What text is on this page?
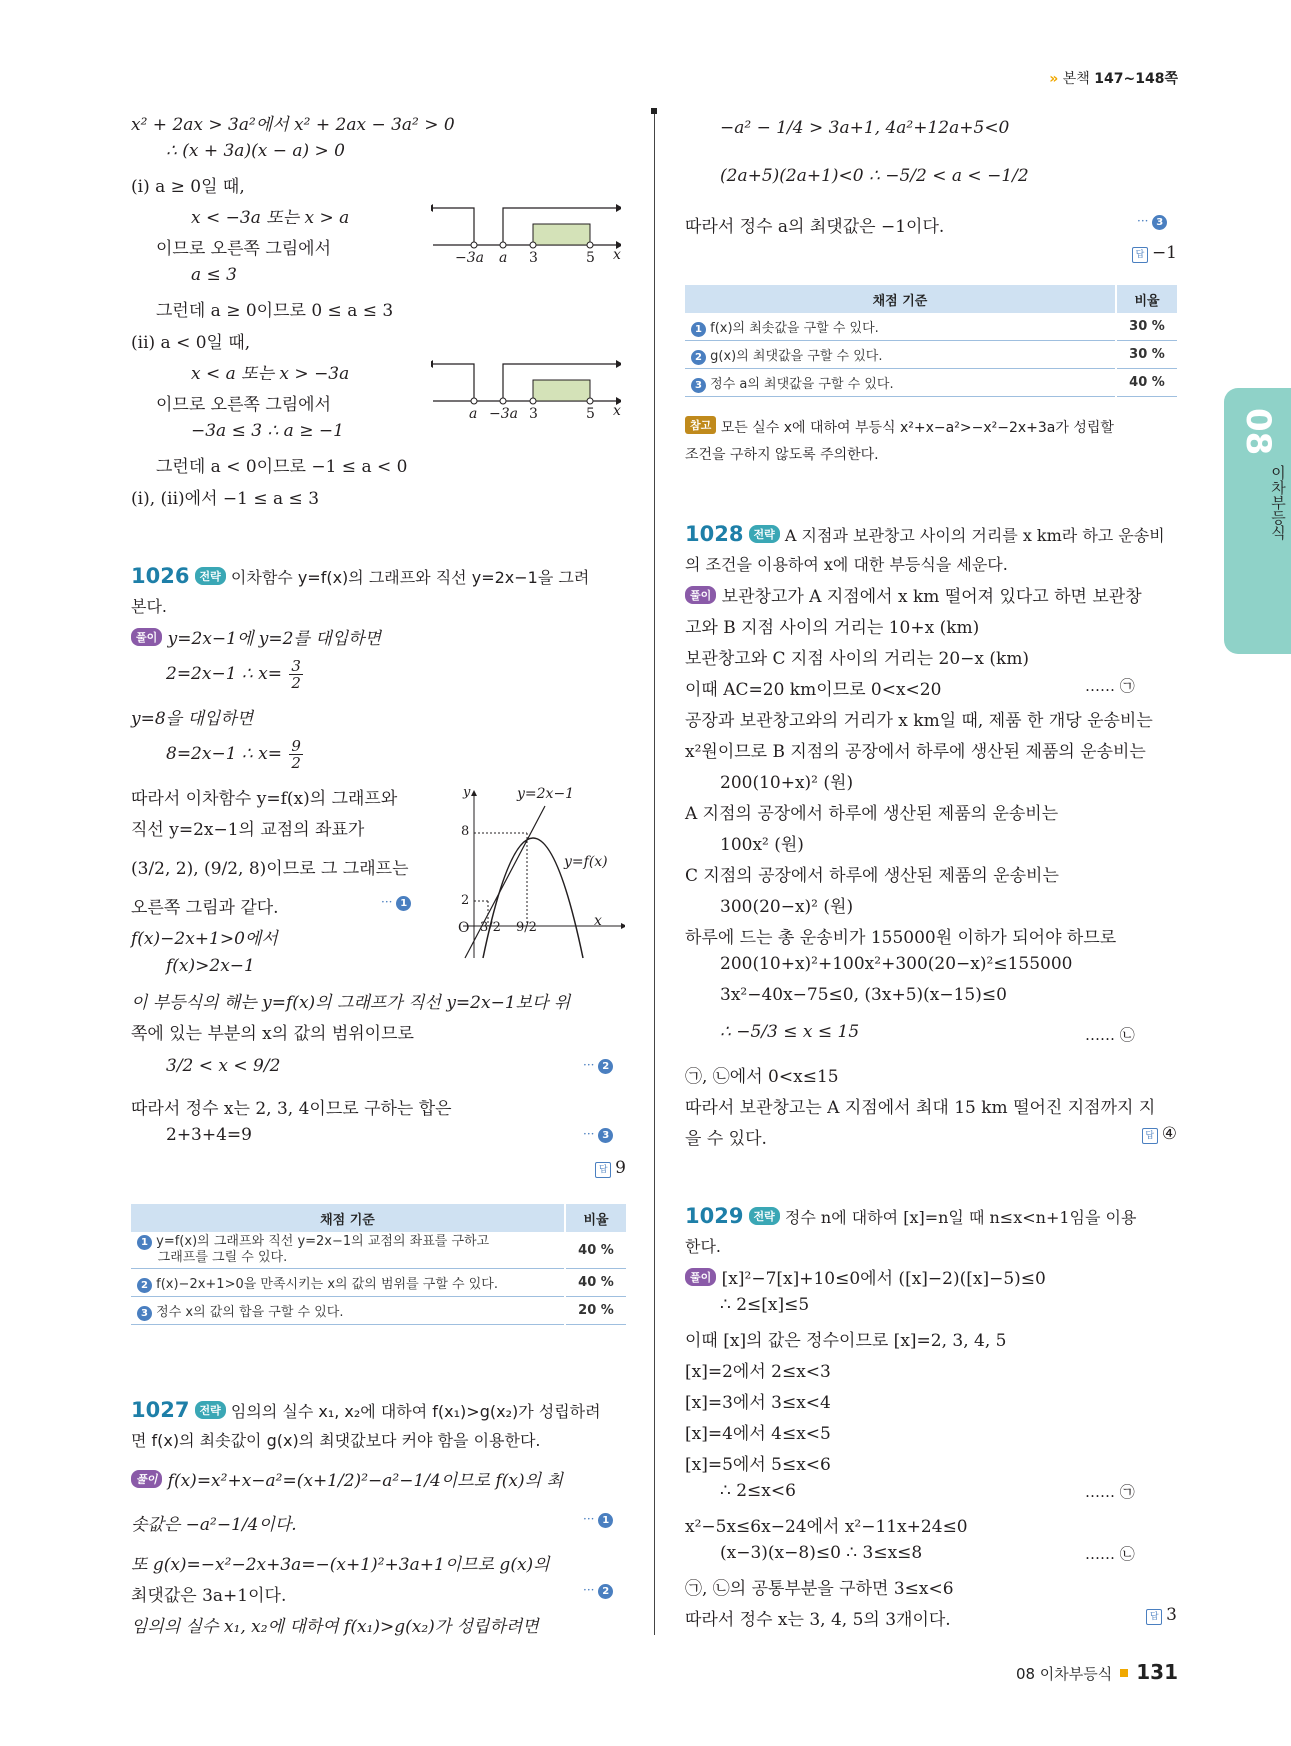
» 본책 147~148쪽
08
이차부등식
x² + 2ax > 3a²에서 x² + 2ax − 3a² > 0
∴ (x + 3a)(x − a) > 0
(i) a ≥ 0일 때,
x < −3a 또는 x > a
이므로 오른쪽 그림에서
a ≤ 3
그런데 a ≥ 0이므로 0 ≤ a ≤ 3
(ii) a < 0일 때,
x < a 또는 x > −3a
이므로 오른쪽 그림에서
−3a ≤ 3 ∴ a ≥ −1
그런데 a < 0이므로 −1 ≤ a < 0
(i), (ii)에서 −1 ≤ a ≤ 3
−3a a 3	5 x
a −3a 3	5 x
1026 전략 이차함수 y=f(x)의 그래프와 직선 y=2x−1을 그려
본다.
풀이 y=2x−1에 y=2를 대입하면
2=2x−1 ∴ $x= \frac{3}{2}$
y=8을 대입하면
8=2x−1 ∴ $x= \frac{9}{2}$
따라서 이차함수 y=f(x)의 그래프와
직선 y=2x−1의 교점의 좌표가
(3/2, 2), (9/2, 8)이므로 그 그래프는
오른쪽 그림과 같다.	··· 1
f(x)−2x+1>0에서
f(x)>2x−1
y	y=2x−1
y=f(x)
8
2
O 3/2 9/2	x
이 부등식의 해는 y=f(x)의 그래프가 직선 y=2x−1보다 위
쪽에 있는 부분의 x의 값의 범위이므로
3/2 < x < 9/2	··· 2
따라서 정수 x는 2, 3, 4이므로 구하는 합은
2+3+4=9	··· 3
답 9
채점 기준	비율
1 y=f(x)의 그래프와 직선 y=2x−1의 교점의 좌표를 구하고
그래프를 그릴 수 있다.	40 %
2 f(x)−2x+1>0을 만족시키는 x의 값의 범위를 구할 수 있다.	40 %
3 정수 x의 값의 합을 구할 수 있다.	20 %
1027 전략 임의의 실수 x₁, x₂에 대하여 f(x₁)>g(x₂)가 성립하려
면 f(x)의 최솟값이 g(x)의 최댓값보다 커야 함을 이용한다.
풀이 f(x)=x²+x−a²=(x+1/2)²−a²−1/4이므로 f(x)의 최
솟값은 −a²−1/4이다.	··· 1
또 g(x)=−x²−2x+3a=−(x+1)²+3a+1이므로 g(x)의
최댓값은 3a+1이다.	··· 2
임의의 실수 x₁, x₂에 대하여 f(x₁)>g(x₂)가 성립하려면
−a² − 1/4 > 3a+1, 4a²+12a+5<0
(2a+5)(2a+1)<0 ∴ −5/2 < a < −1/2
따라서 정수 a의 최댓값은 −1이다.	··· 3
답 −1
채점 기준	비율
1 f(x)의 최솟값을 구할 수 있다.	30 %
2 g(x)의 최댓값을 구할 수 있다.	30 %
3 정수 a의 최댓값을 구할 수 있다.	40 %
참고 모든 실수 x에 대하여 부등식 x²+x−a²>−x²−2x+3a가 성립할
조건을 구하지 않도록 주의한다.
1028 전략 A 지점과 보관창고 사이의 거리를 x km라 하고 운송비
의 조건을 이용하여 x에 대한 부등식을 세운다.
풀이 보관창고가 A 지점에서 x km 떨어져 있다고 하면 보관창
고와 B 지점 사이의 거리는 10+x (km)
보관창고와 C 지점 사이의 거리는 20−x (km)
이때 AC=20 km이므로 0<x<20	…… ㉠
공장과 보관창고와의 거리가 x km일 때, 제품 한 개당 운송비는
x²원이므로 B 지점의 공장에서 하루에 생산된 제품의 운송비는
200(10+x)² (원)
A 지점의 공장에서 하루에 생산된 제품의 운송비는
100x² (원)
C 지점의 공장에서 하루에 생산된 제품의 운송비는
300(20−x)² (원)
하루에 드는 총 운송비가 155000원 이하가 되어야 하므로
200(10+x)²+100x²+300(20−x)²≤155000
3x²−40x−75≤0, (3x+5)(x−15)≤0
∴ −5/3 ≤ x ≤ 15	…… ㉡
㉠, ㉡에서 0<x≤15
따라서 보관창고는 A 지점에서 최대 15 km 떨어진 지점까지 지
을 수 있다.	답 ④
1029 전략 정수 n에 대하여 [x]=n일 때 n≤x<n+1임을 이용
한다.
풀이 [x]²−7[x]+10≤0에서 ([x]−2)([x]−5)≤0
∴ 2≤[x]≤5
이때 [x]의 값은 정수이므로 [x]=2, 3, 4, 5
[x]=2에서 2≤x<3
[x]=3에서 3≤x<4
[x]=4에서 4≤x<5
[x]=5에서 5≤x<6
∴ 2≤x<6	…… ㉠
x²−5x≤6x−24에서 x²−11x+24≤0
(x−3)(x−8)≤0 ∴ 3≤x≤8	…… ㉡
㉠, ㉡의 공통부분을 구하면 3≤x<6
따라서 정수 x는 3, 4, 5의 3개이다.	답 3
08 이차부등식 131
